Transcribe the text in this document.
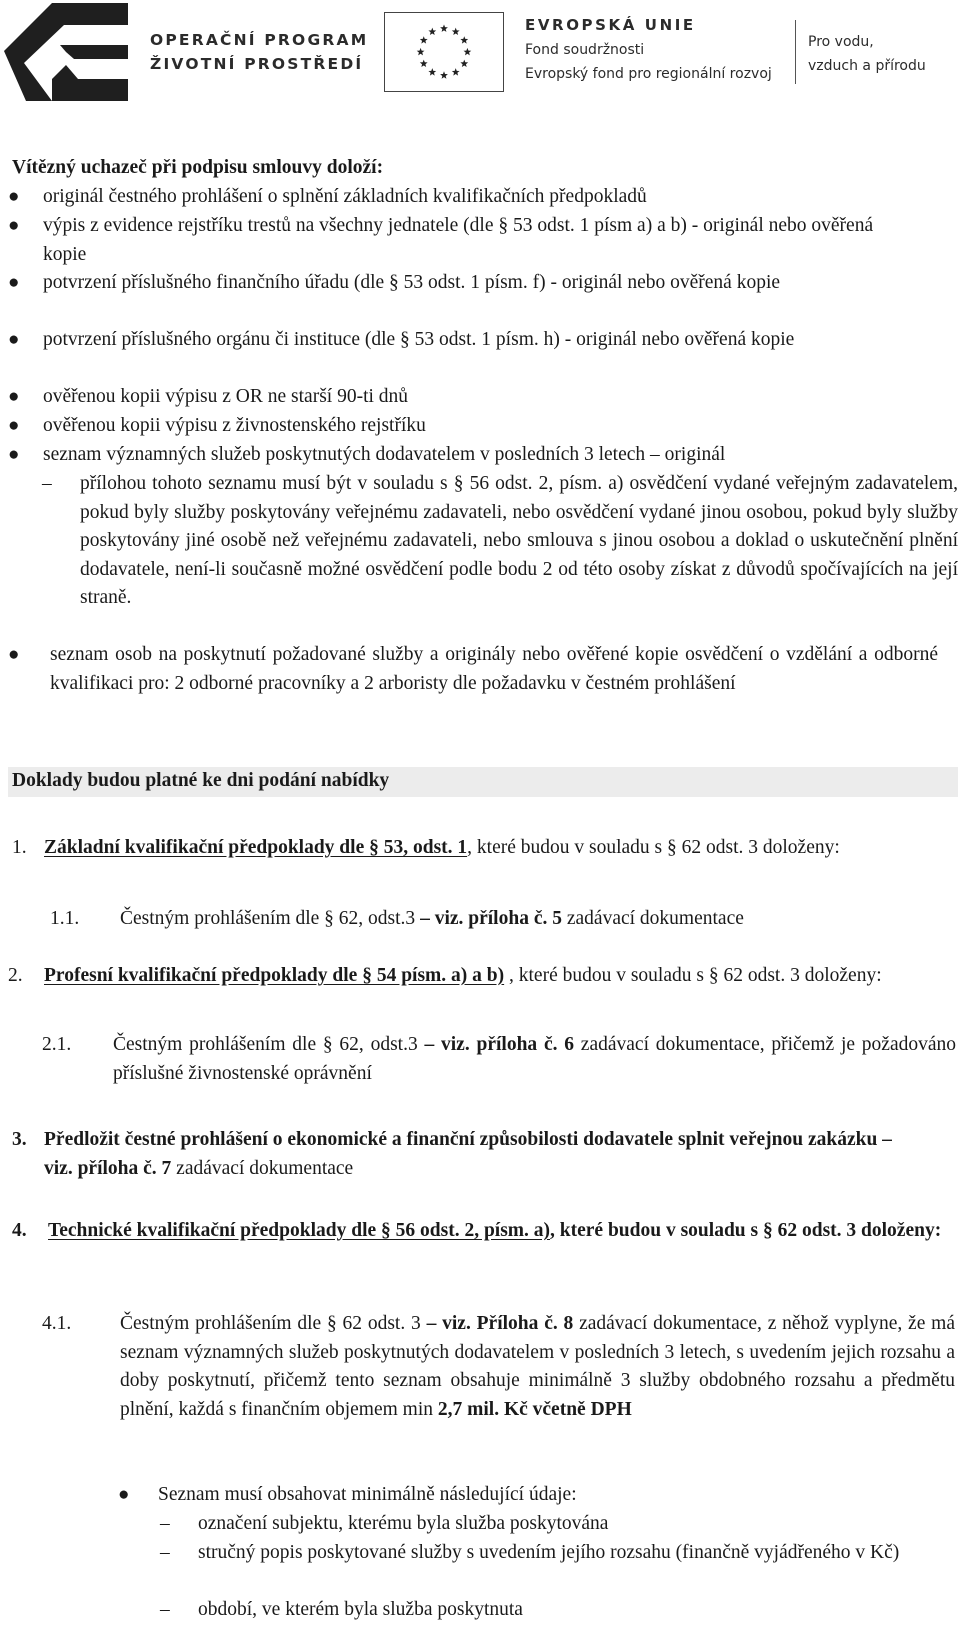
OPERAČNÍ PROGRAM
ŽIVOTNÍ PROSTŘEDÍ
EVROPSKÁ UNIE
Fond soudržnosti
Evropský fond pro regionální rozvoj
Pro vodu,
vzduch a přírodu
Vítězný uchazeč při podpisu smlouvy doloží:
● originál čestného prohlášení o splnění základních kvalifikačních předpokladů
● výpis z evidence rejstříku trestů na všechny jednatele (dle § 53 odst. 1 písm a) a b) - originál nebo ověřená kopie
● potvrzení příslušného finančního úřadu (dle § 53 odst. 1 písm. f) - originál nebo ověřená kopie
● potvrzení příslušného orgánu či instituce (dle § 53 odst. 1 písm. h) - originál nebo ověřená kopie
● ověřenou kopii výpisu z OR ne starší 90-ti dnů
● ověřenou kopii výpisu z živnostenského rejstříku
● seznam významných služeb poskytnutých dodavatelem v posledních 3 letech – originál
– přílohou tohoto seznamu musí být v souladu s § 56 odst. 2, písm. a) osvědčení vydané veřejným zadavatelem, pokud byly služby poskytovány veřejnému zadavateli, nebo osvědčení vydané jinou osobou, pokud byly služby poskytovány jiné osobě než veřejnému zadavateli, nebo smlouva s jinou osobou a doklad o uskutečnění plnění dodavatele, není-li současně možné osvědčení podle bodu 2 od této osoby získat z důvodů spočívajících na její straně.
● seznam osob na poskytnutí požadované služby a originály nebo ověřené kopie osvědčení o vzdělání a odborné kvalifikaci pro: 2 odborné pracovníky a 2 arboristy dle požadavku v čestném prohlášení
Doklady budou platné ke dni podání nabídky
1. Základní kvalifikační předpoklady dle § 53, odst. 1, které budou v souladu s § 62 odst. 3 doloženy:
1.1. Čestným prohlášením dle § 62, odst.3 – viz. příloha č. 5 zadávací dokumentace
2. Profesní kvalifikační předpoklady dle § 54 písm. a) a b) , které budou v souladu s § 62 odst. 3 doloženy:
2.1. Čestným prohlášením dle § 62, odst.3 – viz. příloha č. 6 zadávací dokumentace, přičemž je požadováno příslušné živnostenské oprávnění
3. Předložit čestné prohlášení o ekonomické a finanční způsobilosti dodavatele splnit veřejnou zakázku – viz. příloha č. 7 zadávací dokumentace
4. Technické kvalifikační předpoklady dle § 56 odst. 2, písm. a), které budou v souladu s § 62 odst. 3 doloženy:
4.1.	Čestným prohlášením dle § 62 odst. 3 – viz. Příloha č. 8 zadávací dokumentace, z něhož vyplyne, že má seznam významných služeb poskytnutých dodavatelem v posledních 3 letech, s uvedením jejich rozsahu a doby poskytnutí, přičemž tento seznam obsahuje minimálně 3 služby obdobného rozsahu a předmětu plnění, každá s finančním objemem min 2,7 mil. Kč včetně DPH
● Seznam musí obsahovat minimálně následující údaje:
– označení subjektu, kterému byla služba poskytována
– stručný popis poskytované služby s uvedením jejího rozsahu (finančně vyjádřeného v Kč)
– období, ve kterém byla služba poskytnuta
